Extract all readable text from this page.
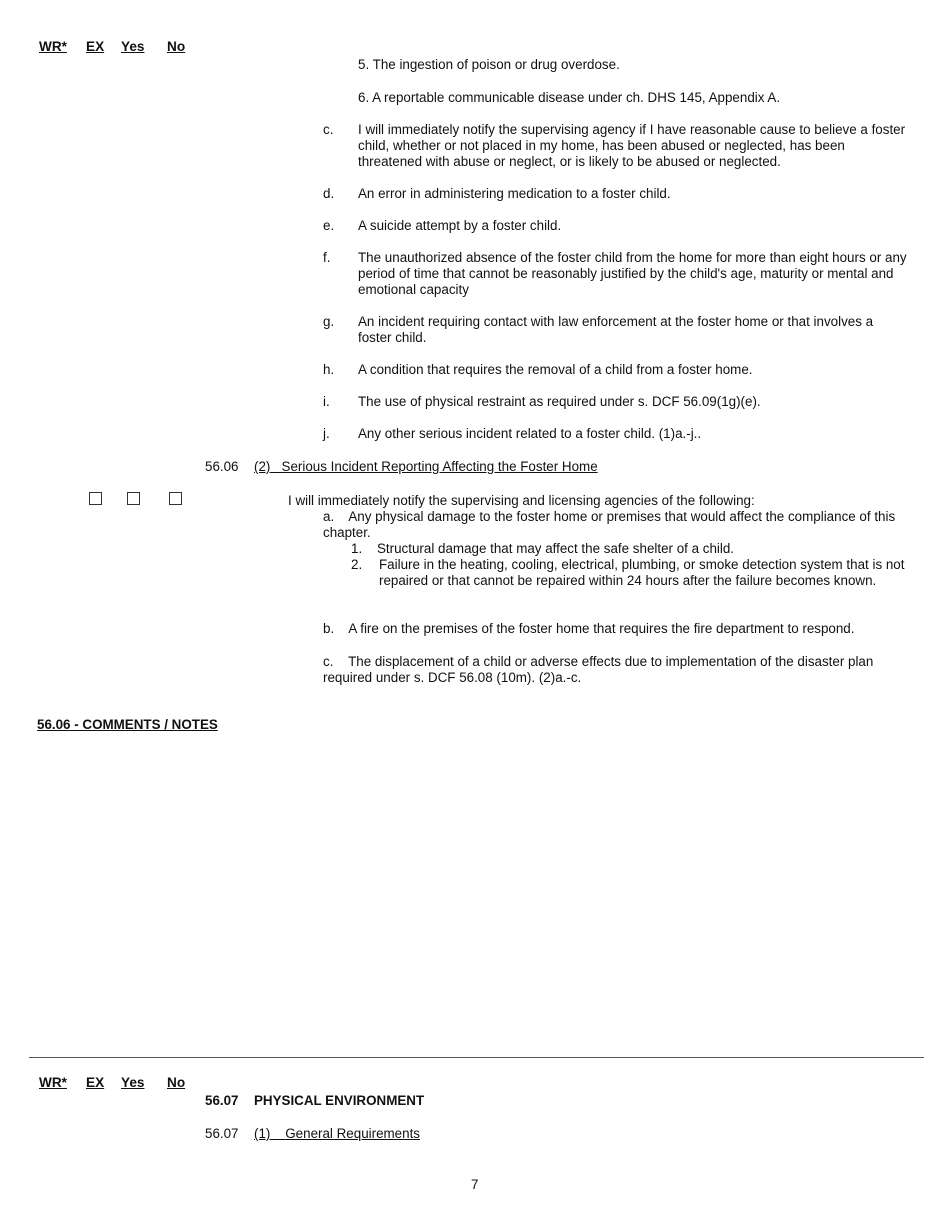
WR* EX Yes No
5. The ingestion of poison or drug overdose.
6. A reportable communicable disease under ch. DHS 145, Appendix A.
c. I will immediately notify the supervising agency if I have reasonable cause to believe a foster child, whether or not placed in my home, has been abused or neglected, has been threatened with abuse or neglect, or is likely to be abused or neglected.
d. An error in administering medication to a foster child.
e. A suicide attempt by a foster child.
f. The unauthorized absence of the foster child from the home for more than eight hours or any period of time that cannot be reasonably justified by the child's age, maturity or mental and emotional capacity
g. An incident requiring contact with law enforcement at the foster home or that involves a foster child.
h. A condition that requires the removal of a child from a foster home.
i. The use of physical restraint as required under s. DCF 56.09(1g)(e).
j. Any other serious incident related to a foster child. (1)a.-j..
56.06 (2) Serious Incident Reporting Affecting the Foster Home
I will immediately notify the supervising and licensing agencies of the following:
a. Any physical damage to the foster home or premises that would affect the compliance of this chapter.
1. Structural damage that may affect the safe shelter of a child.
2. Failure in the heating, cooling, electrical, plumbing, or smoke detection system that is not repaired or that cannot be repaired within 24 hours after the failure becomes known.
b. A fire on the premises of the foster home that requires the fire department to respond.
c. The displacement of a child or adverse effects due to implementation of the disaster plan required under s. DCF 56.08 (10m). (2)a.-c.
56.06 - COMMENTS / NOTES
WR* EX Yes No
56.07 PHYSICAL ENVIRONMENT
56.07 (1) General Requirements
7
